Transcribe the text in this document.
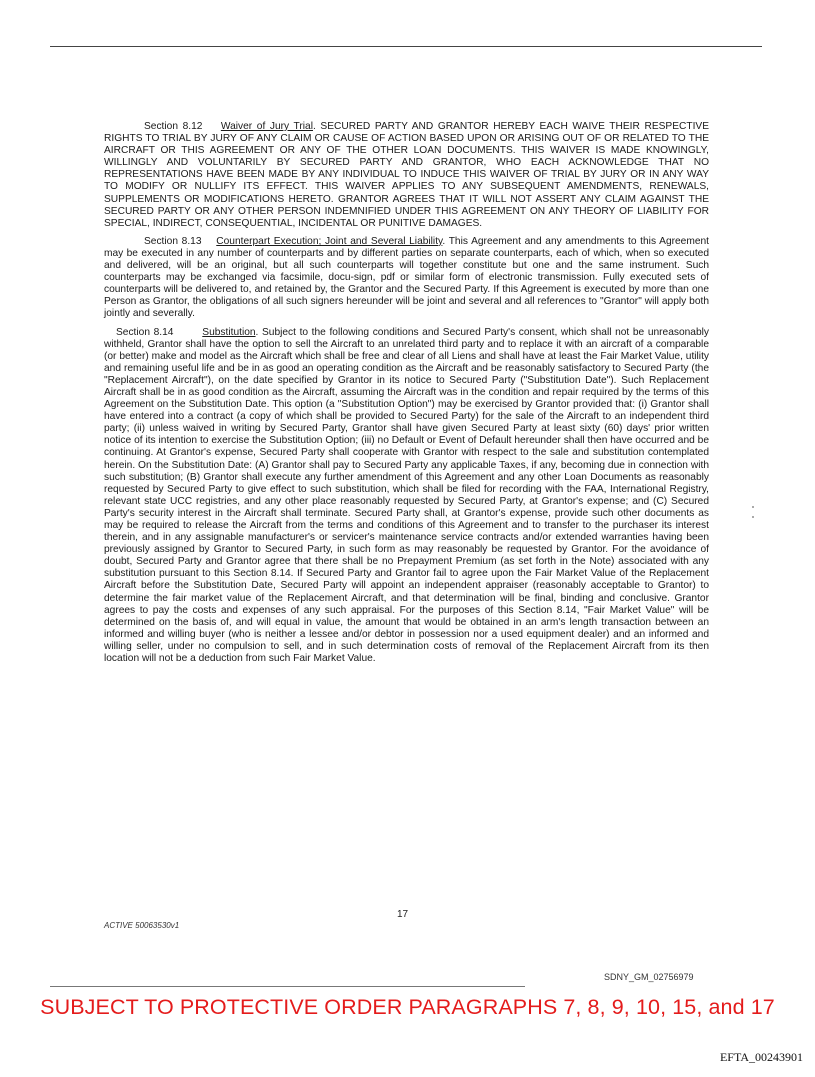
Section 8.12 Waiver of Jury Trial. SECURED PARTY AND GRANTOR HEREBY EACH WAIVE THEIR RESPECTIVE RIGHTS TO TRIAL BY JURY OF ANY CLAIM OR CAUSE OF ACTION BASED UPON OR ARISING OUT OF OR RELATED TO THE AIRCRAFT OR THIS AGREEMENT OR ANY OF THE OTHER LOAN DOCUMENTS. THIS WAIVER IS MADE KNOWINGLY, WILLINGLY AND VOLUNTARILY BY SECURED PARTY AND GRANTOR, WHO EACH ACKNOWLEDGE THAT NO REPRESENTATIONS HAVE BEEN MADE BY ANY INDIVIDUAL TO INDUCE THIS WAIVER OF TRIAL BY JURY OR IN ANY WAY TO MODIFY OR NULLIFY ITS EFFECT. THIS WAIVER APPLIES TO ANY SUBSEQUENT AMENDMENTS, RENEWALS, SUPPLEMENTS OR MODIFICATIONS HERETO. GRANTOR AGREES THAT IT WILL NOT ASSERT ANY CLAIM AGAINST THE SECURED PARTY OR ANY OTHER PERSON INDEMNIFIED UNDER THIS AGREEMENT ON ANY THEORY OF LIABILITY FOR SPECIAL, INDIRECT, CONSEQUENTIAL, INCIDENTAL OR PUNITIVE DAMAGES.

Section 8.13 Counterpart Execution; Joint and Several Liability. This Agreement and any amendments to this Agreement may be executed in any number of counterparts and by different parties on separate counterparts, each of which, when so executed and delivered, will be an original, but all such counterparts will together constitute but one and the same instrument. Such counterparts may be exchanged via facsimile, docu-sign, pdf or similar form of electronic transmission. Fully executed sets of counterparts will be delivered to, and retained by, the Grantor and the Secured Party. If this Agreement is executed by more than one Person as Grantor, the obligations of all such signers hereunder will be joint and several and all references to "Grantor" will apply both jointly and severally.

Section 8.14	Substitution. Subject to the following conditions and Secured Party's consent, which shall not be unreasonably withheld, Grantor shall have the option to sell the Aircraft to an unrelated third party and to replace it with an aircraft of a comparable (or better) make and model as the Aircraft which shall be free and clear of all Liens and shall have at least the Fair Market Value, utility and remaining useful life and be in as good an operating condition as the Aircraft and be reasonably satisfactory to Secured Party (the "Replacement Aircraft"), on the date specified by Grantor in its notice to Secured Party ("Substitution Date"). Such Replacement Aircraft shall be in as good condition as the Aircraft, assuming the Aircraft was in the condition and repair required by the terms of this Agreement on the Substitution Date. This option (a "Substitution Option") may be exercised by Grantor provided that: (i) Grantor shall have entered into a contract (a copy of which shall be provided to Secured Party) for the sale of the Aircraft to an independent third party; (ii) unless waived in writing by Secured Party, Grantor shall have given Secured Party at least sixty (60) days' prior written notice of its intention to exercise the Substitution Option; (iii) no Default or Event of Default hereunder shall then have occurred and be continuing. At Grantor's expense, Secured Party shall cooperate with Grantor with respect to the sale and substitution contemplated herein. On the Substitution Date: (A) Grantor shall pay to Secured Party any applicable Taxes, if any, becoming due in connection with such substitution; (B) Grantor shall execute any further amendment of this Agreement and any other Loan Documents as reasonably requested by Secured Party to give effect to such substitution, which shall be filed for recording with the FAA, International Registry, relevant state UCC registries, and any other place reasonably requested by Secured Party, at Grantor's expense; and (C) Secured Party's security interest in the Aircraft shall terminate. Secured Party shall, at Grantor's expense, provide such other documents as may be required to release the Aircraft from the terms and conditions of this Agreement and to transfer to the purchaser its interest therein, and in any assignable manufacturer's or servicer's maintenance service contracts and/or extended warranties having been previously assigned by Grantor to Secured Party, in such form as may reasonably be requested by Grantor. For the avoidance of doubt, Secured Party and Grantor agree that there shall be no Prepayment Premium (as set forth in the Note) associated with any substitution pursuant to this Section 8.14. If Secured Party and Grantor fail to agree upon the Fair Market Value of the Replacement Aircraft before the Substitution Date, Secured Party will appoint an independent appraiser (reasonably acceptable to Grantor) to determine the fair market value of the Replacement Aircraft, and that determination will be final, binding and conclusive. Grantor agrees to pay the costs and expenses of any such appraisal. For the purposes of this Section 8.14, "Fair Market Value" will be determined on the basis of, and will equal in value, the amount that would be obtained in an arm's length transaction between an informed and willing buyer (who is neither a lessee and/or debtor in possession nor a used equipment dealer) and an informed and willing seller, under no compulsion to sell, and in such determination costs of removal of the Replacement Aircraft from its then location will not be a deduction from such Fair Market Value.

17
ACTIVE 50063530v1
SDNY_GM_02756979
SUBJECT TO PROTECTIVE ORDER PARAGRAPHS 7, 8, 9, 10, 15, and 17
EFTA_00243901
